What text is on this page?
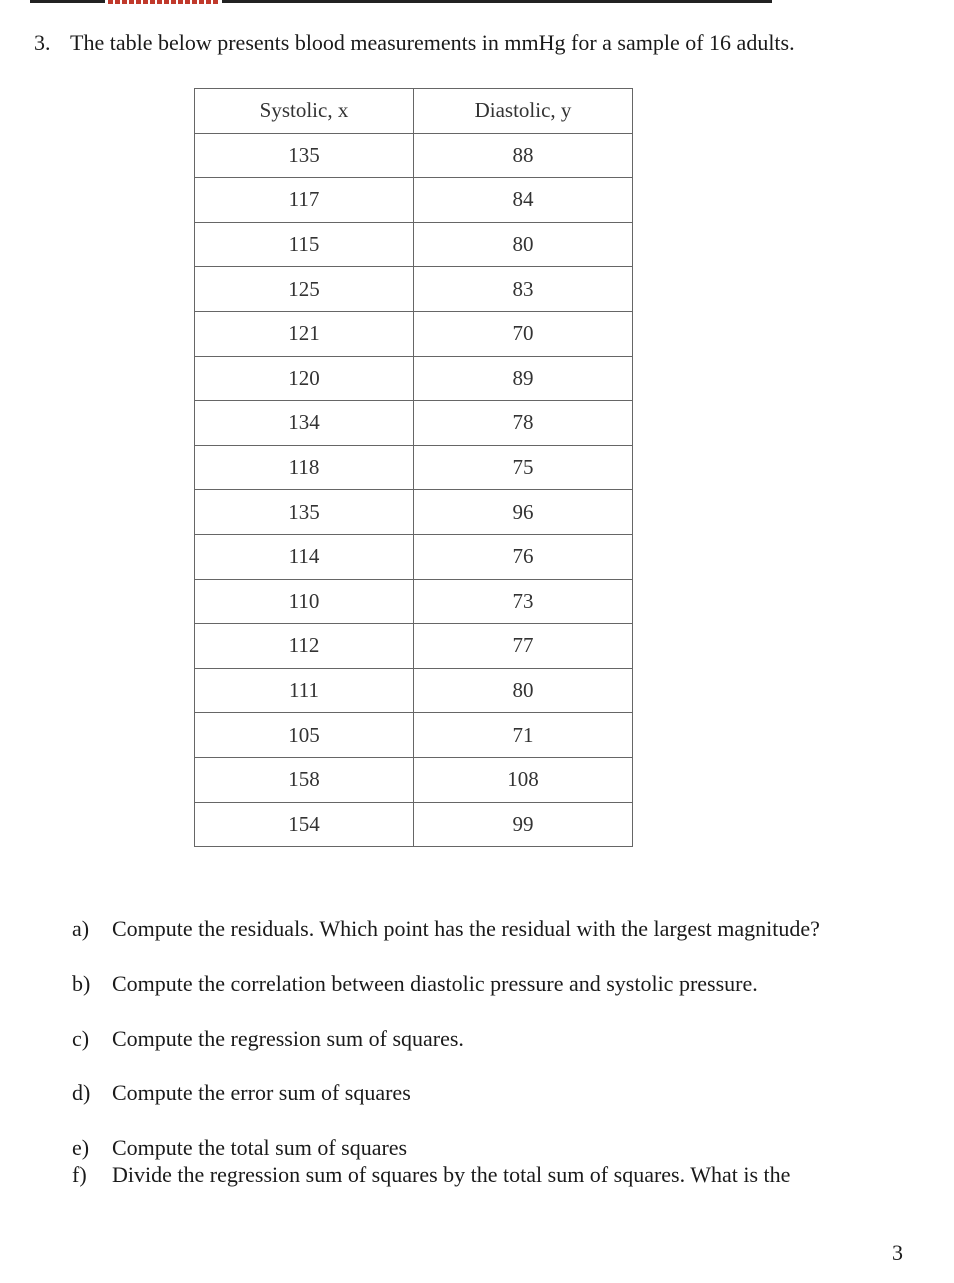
3. The table below presents blood measurements in mmHg for a sample of 16 adults.
Systolic, x	Diastolic, y
135	88
117	84
115	80
125	83
121	70
120	89
134	78
118	75
135	96
114	76
110	73
112	77
111	80
105	71
158	108
154	99
a) Compute the residuals. Which point has the residual with the largest magnitude?
b) Compute the correlation between diastolic pressure and systolic pressure.
c) Compute the regression sum of squares.
d) Compute the error sum of squares
e) Compute the total sum of squares
f) Divide the regression sum of squares by the total sum of squares. What is the
3
